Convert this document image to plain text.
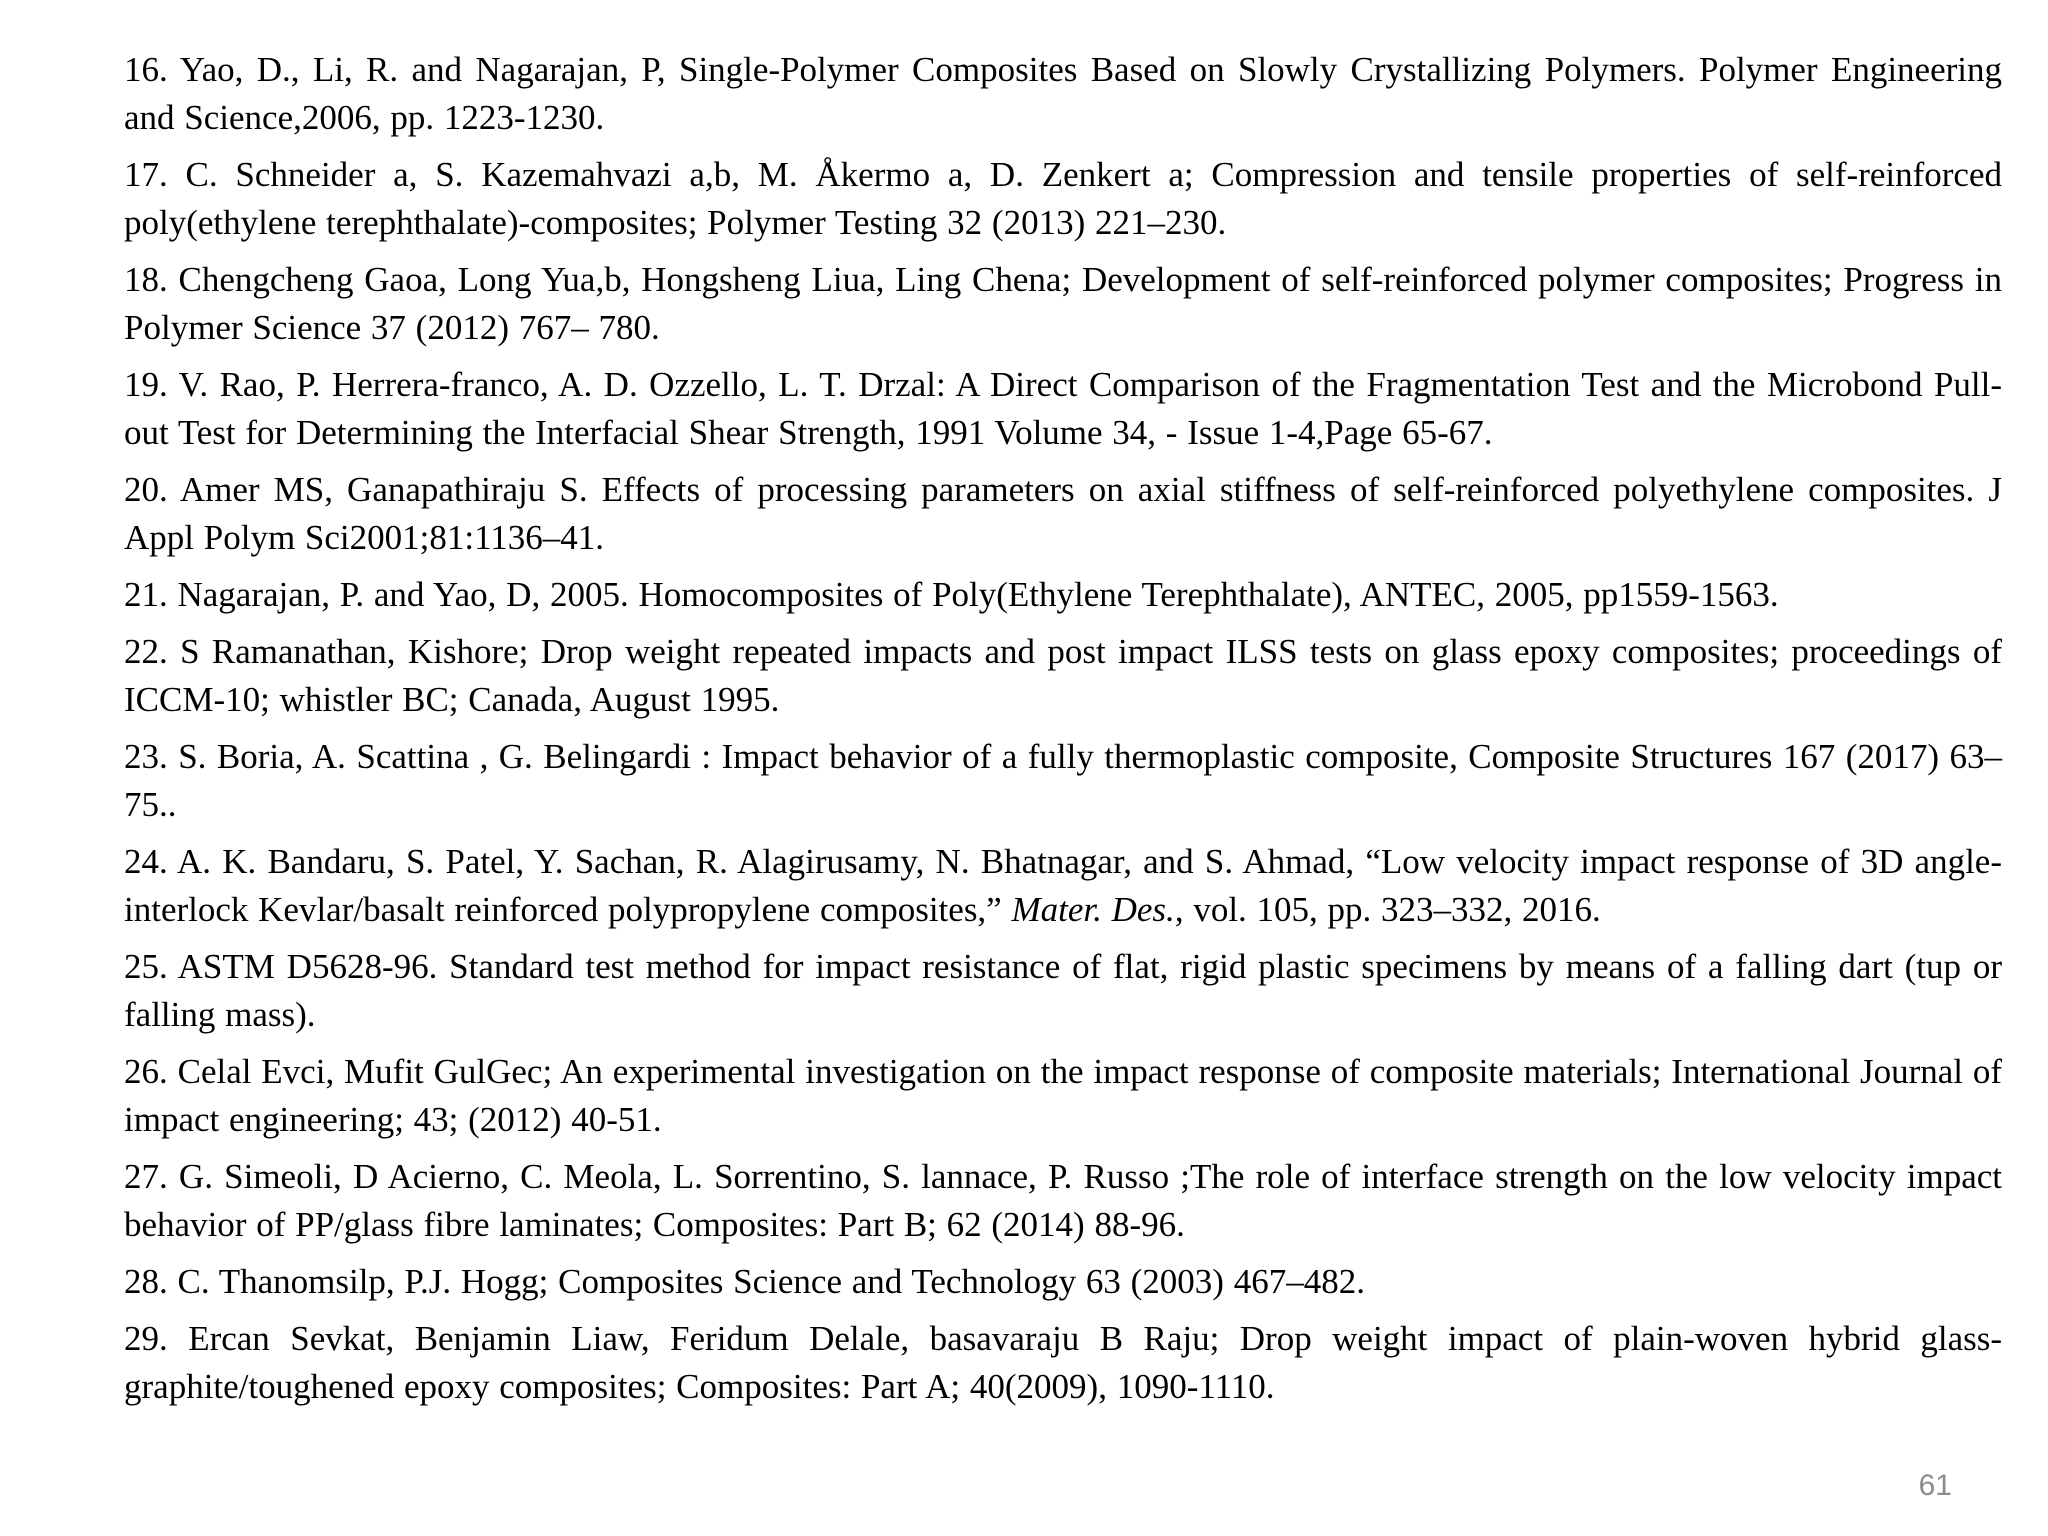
16. Yao, D., Li, R. and Nagarajan, P, Single-Polymer Composites Based on Slowly Crystallizing Polymers. Polymer Engineering and Science,2006, pp. 1223-1230.
17. C. Schneider a, S. Kazemahvazi a,b, M. Åkermo a, D. Zenkert a; Compression and tensile properties of self-reinforced poly(ethylene terephthalate)-composites; Polymer Testing 32 (2013) 221–230.
18. Chengcheng Gaoa, Long Yua,b, Hongsheng Liua, Ling Chena; Development of self-reinforced polymer composites; Progress in Polymer Science 37 (2012) 767– 780.
19. V. Rao, P. Herrera-franco, A. D. Ozzello, L. T. Drzal: A Direct Comparison of the Fragmentation Test and the Microbond Pull-out Test for Determining the Interfacial Shear Strength, 1991 Volume 34, - Issue 1-4,Page 65-67.
20. Amer MS, Ganapathiraju S. Effects of processing parameters on axial stiffness of self-reinforced polyethylene composites. J Appl Polym Sci2001;81:1136–41.
21. Nagarajan, P. and Yao, D, 2005. Homocomposites of Poly(Ethylene Terephthalate), ANTEC, 2005, pp1559-1563.
22. S Ramanathan, Kishore; Drop weight repeated impacts and post impact ILSS tests on glass epoxy composites; proceedings of ICCM-10; whistler BC; Canada, August 1995.
23. S. Boria, A. Scattina , G. Belingardi : Impact behavior of a fully thermoplastic composite, Composite Structures 167 (2017) 63–75..
24. A. K. Bandaru, S. Patel, Y. Sachan, R. Alagirusamy, N. Bhatnagar, and S. Ahmad, “Low velocity impact response of 3D angle-interlock Kevlar/basalt reinforced polypropylene composites,” Mater. Des., vol. 105, pp. 323–332, 2016.
25. ASTM D5628-96. Standard test method for impact resistance of flat, rigid plastic specimens by means of a falling dart (tup or falling mass).
26. Celal Evci, Mufit GulGec; An experimental investigation on the impact response of composite materials; International Journal of impact engineering; 43; (2012) 40-51.
27. G. Simeoli, D Acierno, C. Meola, L. Sorrentino, S. lannace, P. Russo ;The role of interface strength on the low velocity impact behavior of PP/glass fibre laminates; Composites: Part B; 62 (2014) 88-96.
28. C. Thanomsilp, P.J. Hogg; Composites Science and Technology 63 (2003) 467–482.
29. Ercan Sevkat, Benjamin Liaw, Feridum Delale, basavaraju B Raju; Drop weight impact of plain-woven hybrid glass-graphite/toughened epoxy composites; Composites: Part A; 40(2009), 1090-1110.
61
